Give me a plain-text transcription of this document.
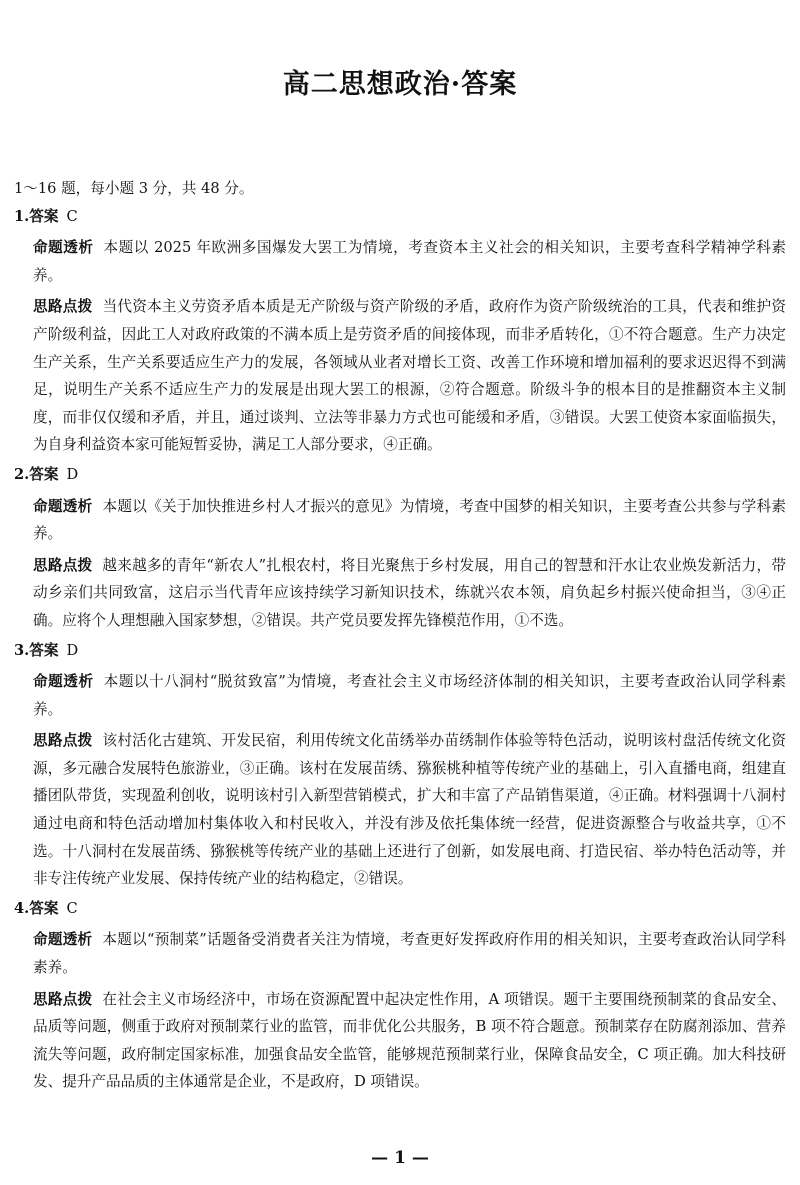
高二思想政治·答案

1～16 题，每小题 3 分，共 48 分。

1.答案 C

命题透析 本题以 2025 年欧洲多国爆发大罢工为情境，考查资本主义社会的相关知识，主要考查科学精神学科素养。

思路点拨 当代资本主义劳资矛盾本质是无产阶级与资产阶级的矛盾，政府作为资产阶级统治的工具，代表和维护资产阶级利益，因此工人对政府政策的不满本质上是劳资矛盾的间接体现，而非矛盾转化，①不符合题意。生产力决定生产关系，生产关系要适应生产力的发展，各领域从业者对增长工资、改善工作环境和增加福利的要求迟迟得不到满足，说明生产关系不适应生产力的发展是出现大罢工的根源，②符合题意。阶级斗争的根本目的是推翻资本主义制度，而非仅仅缓和矛盾，并且，通过谈判、立法等非暴力方式也可能缓和矛盾，③错误。大罢工使资本家面临损失，为自身利益资本家可能短暂妥协，满足工人部分要求，④正确。

2.答案 D

命题透析 本题以《关于加快推进乡村人才振兴的意见》为情境，考查中国梦的相关知识，主要考查公共参与学科素养。

思路点拨 越来越多的青年“新农人”扎根农村，将目光聚焦于乡村发展，用自己的智慧和汗水让农业焕发新活力，带动乡亲们共同致富，这启示当代青年应该持续学习新知识技术，练就兴农本领，肩负起乡村振兴使命担当，③④正确。应将个人理想融入国家梦想，②错误。共产党员要发挥先锋模范作用，①不选。

3.答案 D

命题透析 本题以十八洞村“脱贫致富”为情境，考查社会主义市场经济体制的相关知识，主要考查政治认同学科素养。

思路点拨 该村活化古建筑、开发民宿，利用传统文化苗绣举办苗绣制作体验等特色活动，说明该村盘活传统文化资源，多元融合发展特色旅游业，③正确。该村在发展苗绣、猕猴桃种植等传统产业的基础上，引入直播电商，组建直播团队带货，实现盈利创收，说明该村引入新型营销模式，扩大和丰富了产品销售渠道，④正确。材料强调十八洞村通过电商和特色活动增加村集体收入和村民收入，并没有涉及依托集体统一经营，促进资源整合与收益共享，①不选。十八洞村在发展苗绣、猕猴桃等传统产业的基础上还进行了创新，如发展电商、打造民宿、举办特色活动等，并非专注传统产业发展、保持传统产业的结构稳定，②错误。

4.答案 C

命题透析 本题以“预制菜”话题备受消费者关注为情境，考查更好发挥政府作用的相关知识，主要考查政治认同学科素养。

思路点拨 在社会主义市场经济中，市场在资源配置中起决定性作用，A 项错误。题干主要围绕预制菜的食品安全、品质等问题，侧重于政府对预制菜行业的监管，而非优化公共服务，B 项不符合题意。预制菜存在防腐剂添加、营养流失等问题，政府制定国家标准，加强食品安全监管，能够规范预制菜行业，保障食品安全，C 项正确。加大科技研发、提升产品品质的主体通常是企业，不是政府，D 项错误。

— 1 —
